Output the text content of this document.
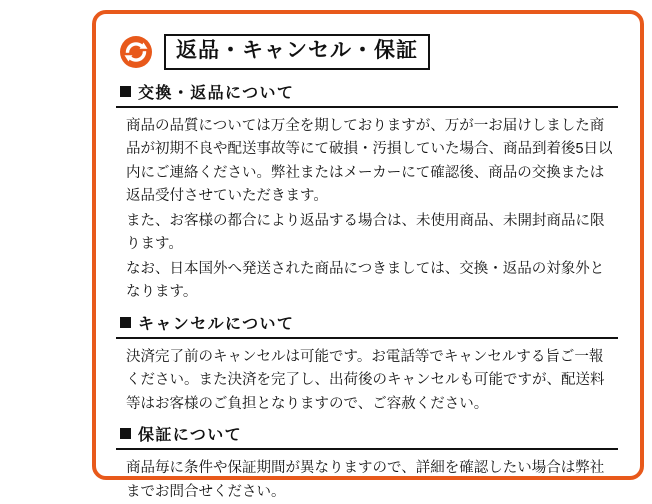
返品・キャンセル・保証
交換・返品について

商品の品質については万全を期しておりますが、万が一お届けしました商品が初期不良や配送事故等にて破損・汚損していた場合、商品到着後5日以内にご連絡ください。弊社またはメーカーにて確認後、商品の交換または返品受付させていただきます。

また、お客様の都合により返品する場合は、未使用商品、未開封商品に限ります。

なお、日本国外へ発送された商品につきましては、交換・返品の対象外となります。

キャンセルについて

決済完了前のキャンセルは可能です。お電話等でキャンセルする旨ご一報ください。また決済を完了し、出荷後のキャンセルも可能ですが、配送料等はお客様のご負担となりますので、ご容赦ください。

保証について

商品毎に条件や保証期間が異なりますので、詳細を確認したい場合は弊社までお問合せください。
